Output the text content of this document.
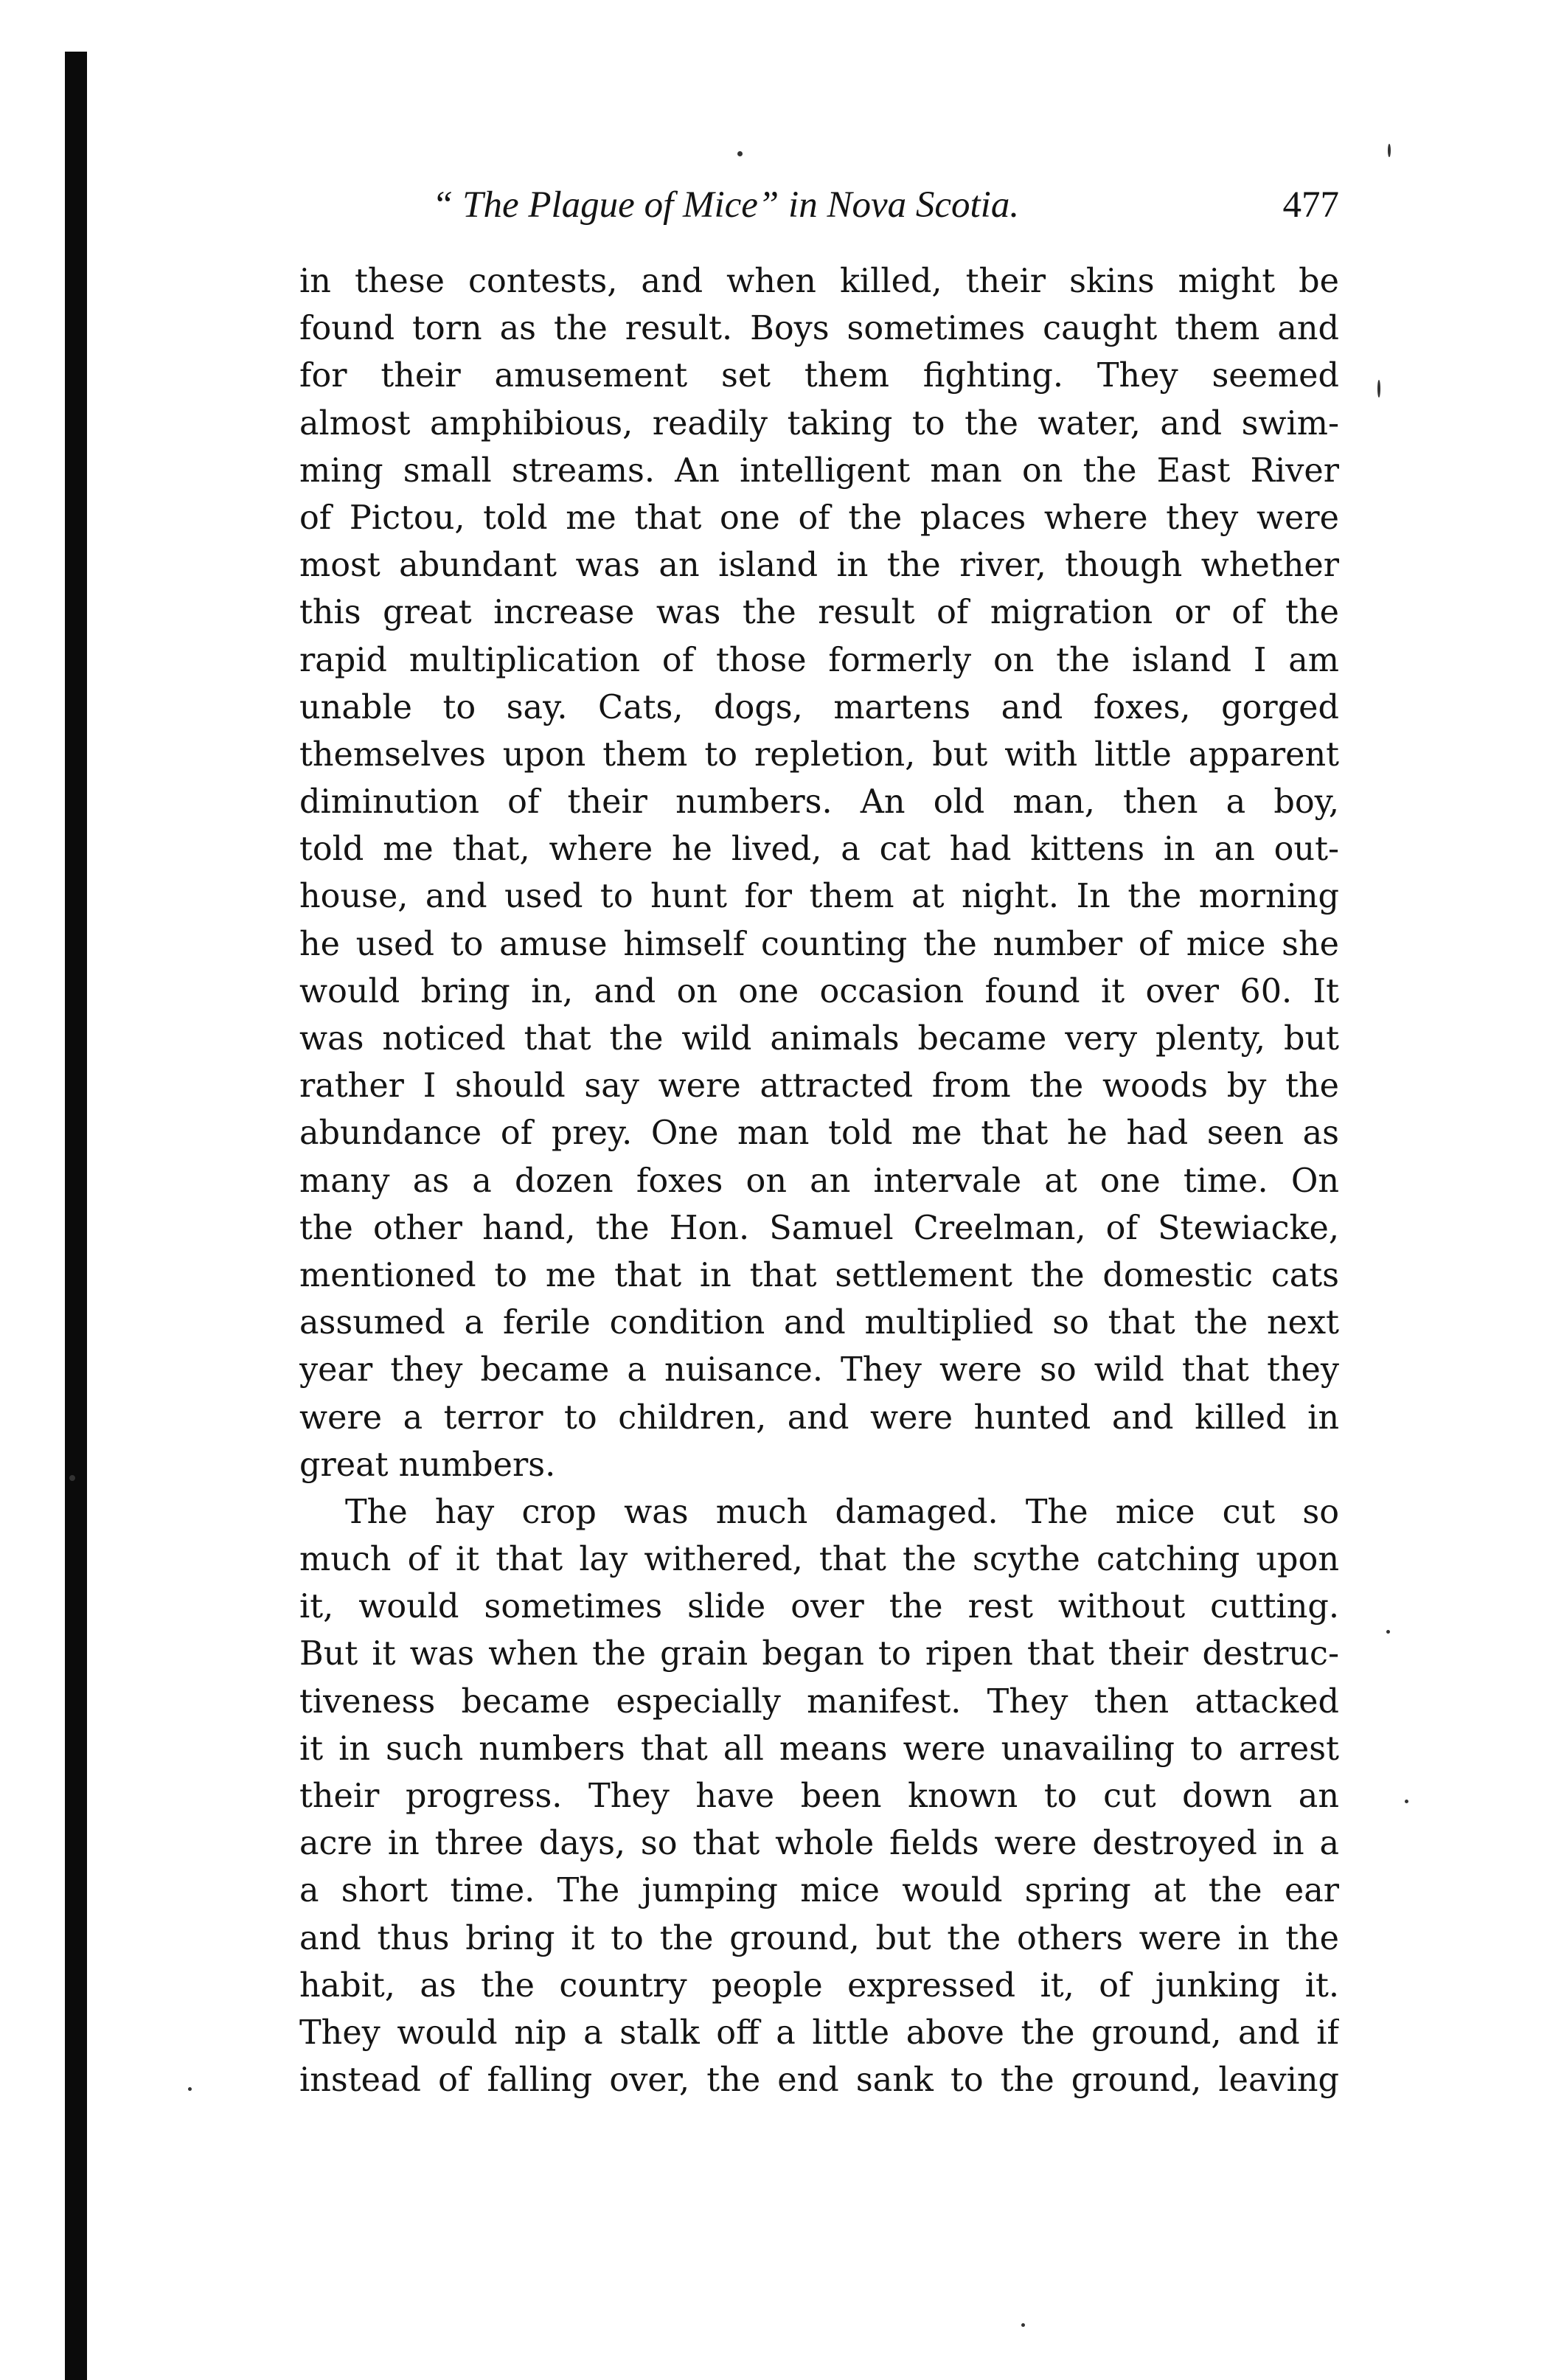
“ The Plague of Mice” in Nova Scotia.	477
in these contests, and when killed, their skins might be
found torn as the result. Boys sometimes caught them and
for their amusement set them fighting. They seemed
almost amphibious, readily taking to the water, and swim-
ming small streams. An intelligent man on the East River
of Pictou, told me that one of the places where they were
most abundant was an island in the river, though whether
this great increase was the result of migration or of the
rapid multiplication of those formerly on the island I am
unable to say. Cats, dogs, martens and foxes, gorged
themselves upon them to repletion, but with little apparent
diminution of their numbers. An old man, then a boy,
told me that, where he lived, a cat had kittens in an out-
house, and used to hunt for them at night. In the morning
he used to amuse himself counting the number of mice she
would bring in, and on one occasion found it over 60. It
was noticed that the wild animals became very plenty, but
rather I should say were attracted from the woods by the
abundance of prey. One man told me that he had seen as
many as a dozen foxes on an intervale at one time. On
the other hand, the Hon. Samuel Creelman, of Stewiacke,
mentioned to me that in that settlement the domestic cats
assumed a ferile condition and multiplied so that the next
year they became a nuisance. They were so wild that they
were a terror to children, and were hunted and killed in
great numbers.
The hay crop was much damaged. The mice cut so
much of it that lay withered, that the scythe catching upon
it, would sometimes slide over the rest without cutting.
But it was when the grain began to ripen that their destruc-
tiveness became especially manifest. They then attacked
it in such numbers that all means were unavailing to arrest
their progress. They have been known to cut down an
acre in three days, so that whole fields were destroyed in a
a short time. The jumping mice would spring at the ear
and thus bring it to the ground, but the others were in the
habit, as the country people expressed it, of junking it.
They would nip a stalk off a little above the ground, and if
instead of falling over, the end sank to the ground, leaving
